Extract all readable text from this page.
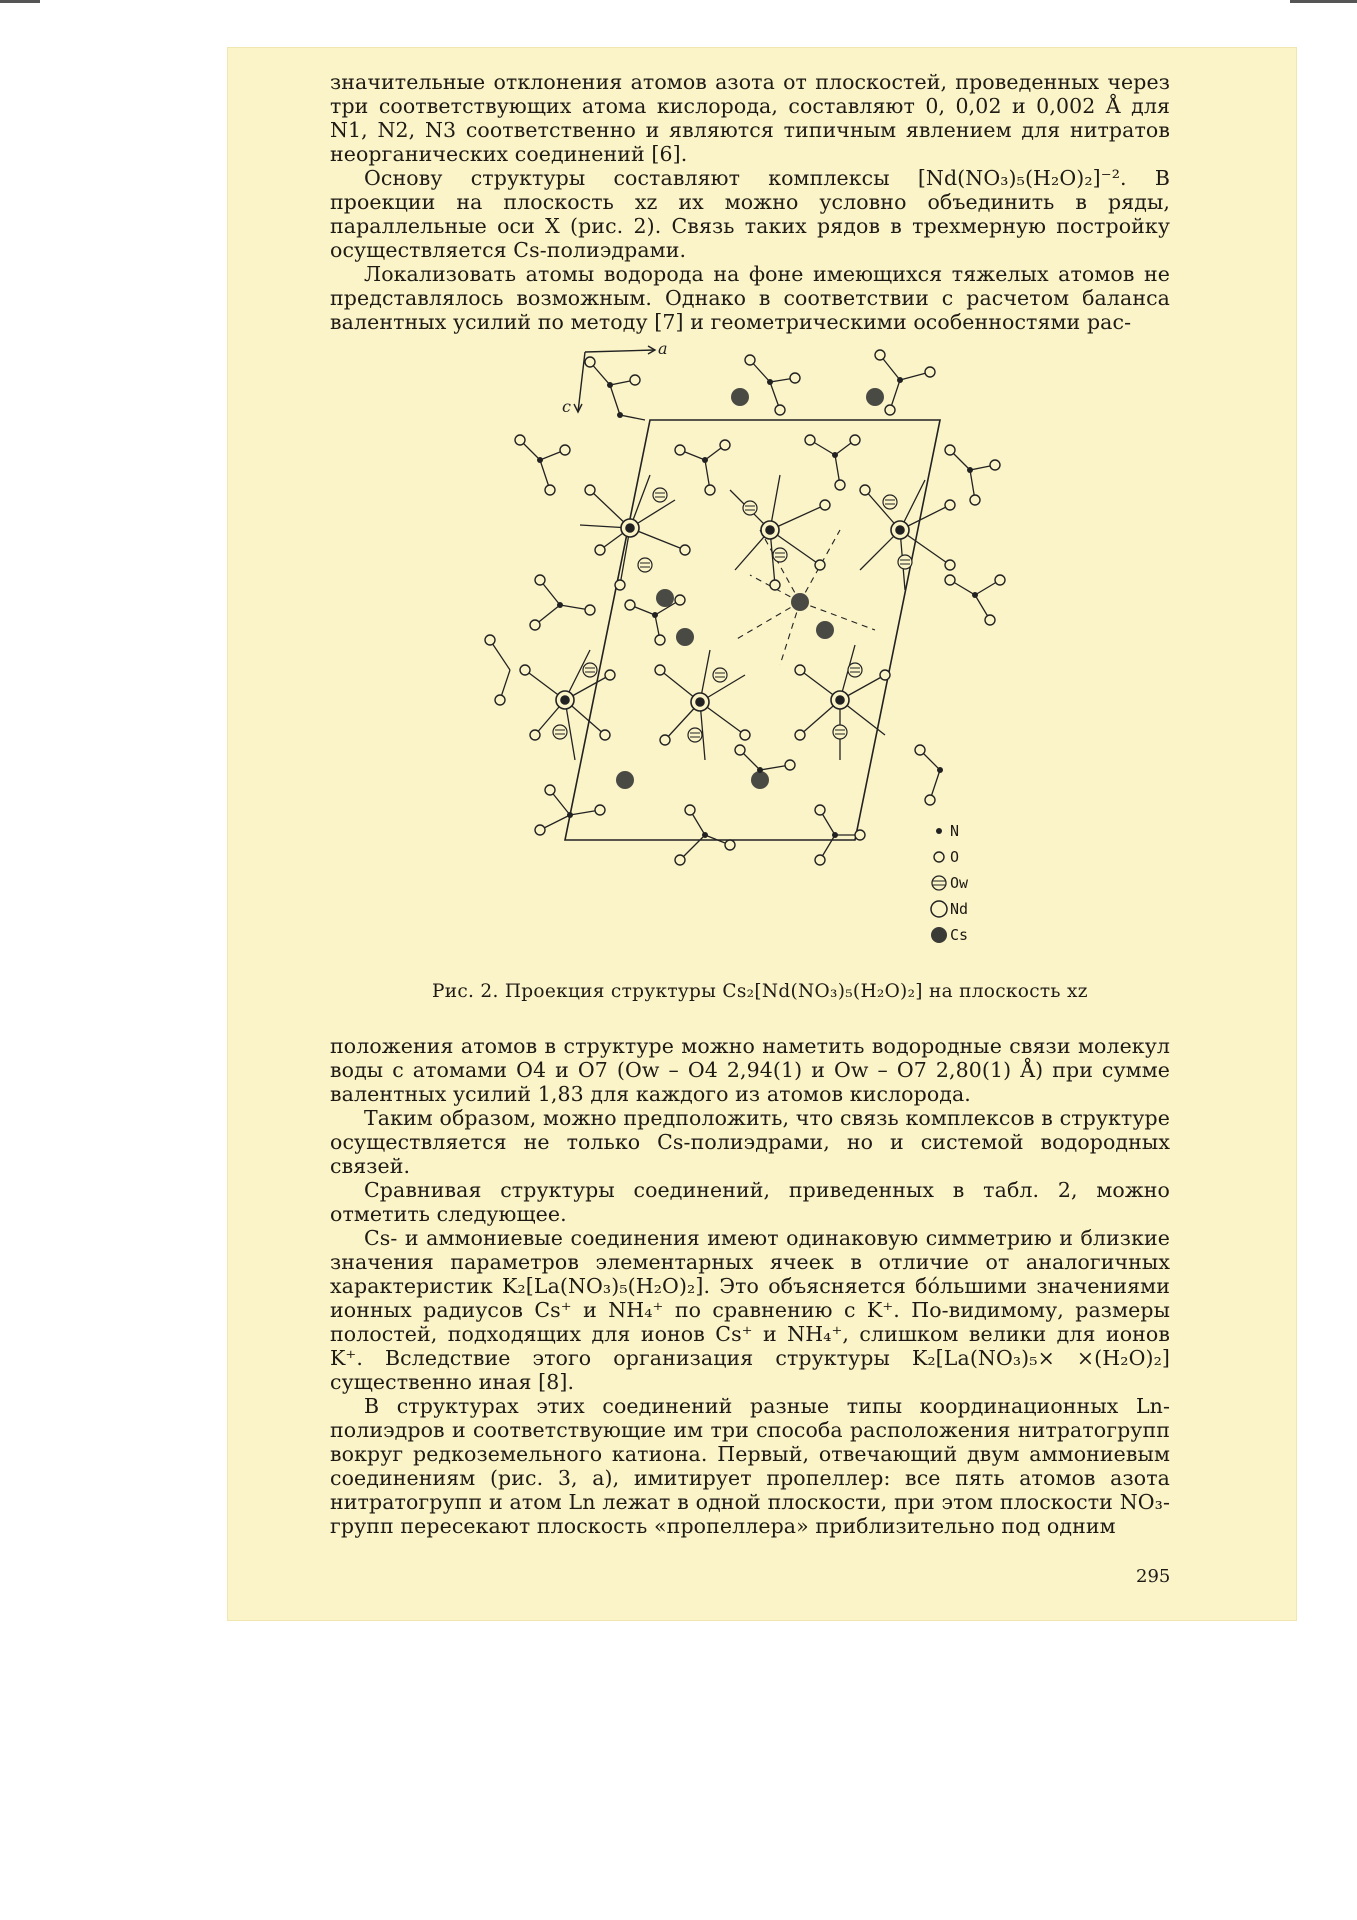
значительные отклонения атомов азота от плоскостей, проведенных через три соответствующих атома кислорода, составляют 0, 0,02 и 0,002 Å для N1, N2, N3 соответственно и являются типичным явлением для нитратов неорганических соединений [6].

Основу структуры составляют комплексы [Nd(NO₃)₅(H₂O)₂]⁻². В проекции на плоскость xz их можно условно объединить в ряды, параллельные оси X (рис. 2). Связь таких рядов в трехмерную постройку осуществляется Cs-полиэдрами.

Локализовать атомы водорода на фоне имеющихся тяжелых атомов не представлялось возможным. Однако в соответствии с расчетом баланса валентных усилий по методу [7] и геометрическими особенностями рас-

a
c
N
O
Ow
Nd
Cs
Рис. 2. Проекция структуры Cs₂[Nd(NO₃)₅(H₂O)₂] на плоскость xz

положения атомов в структуре можно наметить водородные связи молекул воды с атомами O4 и O7 (Ow – O4 2,94(1) и Ow – O7 2,80(1) Å) при сумме валентных усилий 1,83 для каждого из атомов кислорода.

Таким образом, можно предположить, что связь комплексов в структуре осуществляется не только Cs-полиэдрами, но и системой водородных связей.

Сравнивая структуры соединений, приведенных в табл. 2, можно отметить следующее.

Cs- и аммониевые соединения имеют одинаковую симметрию и близкие значения параметров элементарных ячеек в отличие от аналогичных характеристик K₂[La(NO₃)₅(H₂O)₂]. Это объясняется бо́льшими значениями ионных радиусов Cs⁺ и NH₄⁺ по сравнению с K⁺. По-видимому, размеры полостей, подходящих для ионов Cs⁺ и NH₄⁺, слишком велики для ионов K⁺. Вследствие этого организация структуры K₂[La(NO₃)₅× ×(H₂O)₂] существенно иная [8].

В структурах этих соединений разные типы координационных Ln-полиэдров и соответствующие им три способа расположения нитратогрупп вокруг редкоземельного катиона. Первый, отвечающий двум аммониевым соединениям (рис. 3, a), имитирует пропеллер: все пять атомов азота нитратогрупп и атом Ln лежат в одной плоскости, при этом плоскости NO₃-групп пересекают плоскость «пропеллера» приблизительно под одним

295
